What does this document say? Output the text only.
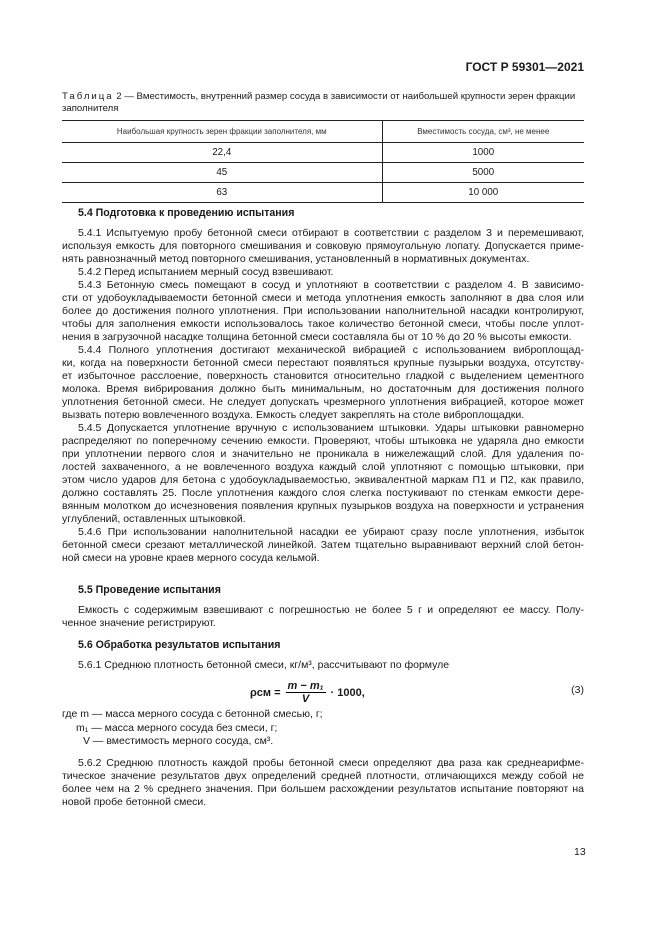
ГОСТ Р 59301—2021
Таблица 2 — Вместимость, внутренний размер сосуда в зависимости от наибольшей крупности зерен фракции
заполнителя
Наибольшая крупность зерен фракции заполнителя, мм	Вместимость сосуда, см³, не менее
22,4	1000
45	5000
63	10 000
5.4 Подготовка к проведению испытания
5.4.1 Испытуемую пробу бетонной смеси отбирают в соответствии с разделом 3 и перемешивают,
используя емкость для повторного смешивания и совковую прямоугольную лопату. Допускается приме-
нять равнозначный метод повторного смешивания, установленный в нормативных документах.
5.4.2 Перед испытанием мерный сосуд взвешивают.
5.4.3 Бетонную смесь помещают в сосуд и уплотняют в соответствии с разделом 4. В зависимо-
сти от удобоукладываемости бетонной смеси и метода уплотнения емкость заполняют в два слоя или
более до достижения полного уплотнения. При использовании наполнительной насадки контролируют,
чтобы для заполнения емкости использовалось такое количество бетонной смеси, чтобы после уплот-
нения в загрузочной насадке толщина бетонной смеси составляла бы от 10 % до 20 % высоты емкости.
5.4.4 Полного уплотнения достигают механической вибрацией с использованием виброплощад-
ки, когда на поверхности бетонной смеси перестают появляться крупные пузырьки воздуха, отсутству-
ет избыточное расслоение, поверхность становится относительно гладкой с выделением цементного
молока. Время вибрирования должно быть минимальным, но достаточным для достижения полного
уплотнения бетонной смеси. Не следует допускать чрезмерного уплотнения вибрацией, которое может
вызвать потерю вовлеченного воздуха. Емкость следует закреплять на столе виброплощадки.
5.4.5 Допускается уплотнение вручную с использованием штыковки. Удары штыковки равномерно
распределяют по поперечному сечению емкости. Проверяют, чтобы штыковка не ударяла дно емкости
при уплотнении первого слоя и значительно не проникала в нижележащий слой. Для удаления по-
лостей захваченного, а не вовлеченного воздуха каждый слой уплотняют с помощью штыковки, при
этом число ударов для бетона с удобоукладываемостью, эквивалентной маркам П1 и П2, как правило,
должно составлять 25. После уплотнения каждого слоя слегка постукивают по стенкам емкости дере-
вянным молотком до исчезновения появления крупных пузырьков воздуха на поверхности и устранения
углублений, оставленных штыковкой.
5.4.6 При использовании наполнительной насадки ее убирают сразу после уплотнения, избыток
бетонной смеси срезают металлической линейкой. Затем тщательно выравнивают верхний слой бетон-
ной смеси на уровне краев мерного сосуда кельмой.
5.5 Проведение испытания
Емкость с содержимым взвешивают с погрешностью не более 5 г и определяют ее массу. Полу-
ченное значение регистрируют.
5.6 Обработка результатов испытания
5.6.1 Среднюю плотность бетонной смеси, кг/м³, рассчитывают по формуле
$\rho см = \frac{\text{m − m₁}}{V} \cdot 1000$,	(3)
где m — масса мерного сосуда с бетонной смесью, г;
m₁ — масса мерного сосуда без смеси, г;
V — вместимость мерного сосуда, см³.
5.6.2 Среднюю плотность каждой пробы бетонной смеси определяют два раза как среднеарифме-
тическое значение результатов двух определений средней плотности, отличающихся между собой не
более чем на 2 % среднего значения. При большем расхождении результатов испытание повторяют на
новой пробе бетонной смеси.
13
